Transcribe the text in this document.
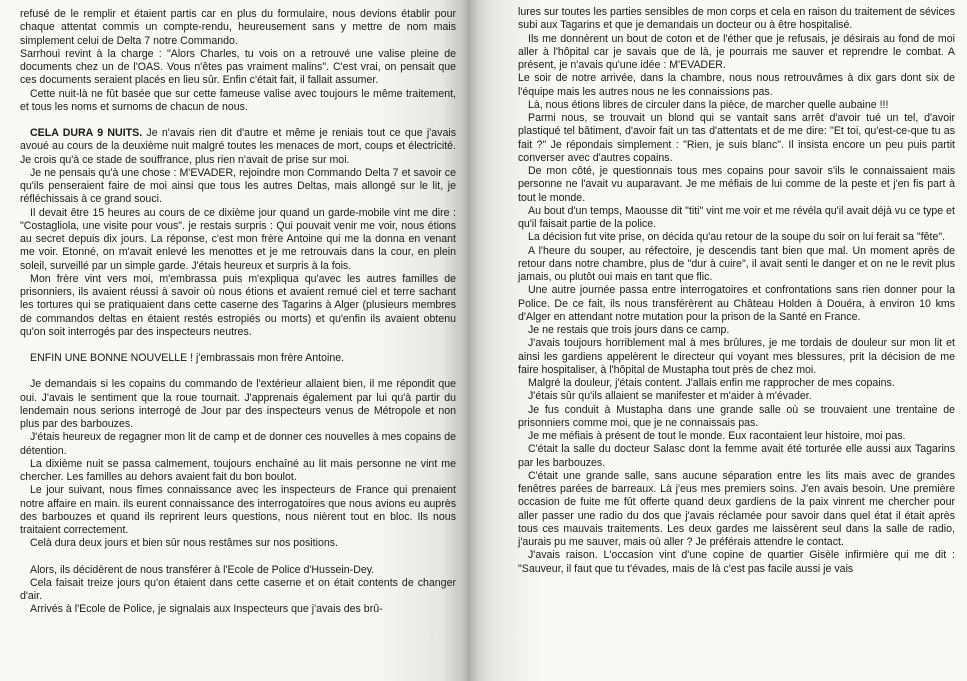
refusé de le remplir et étaient partis car en plus du formulaire, nous devions établir pour chaque attentat commis un compte-rendu, heureusement sans y mettre de nom mais simplement celui de Delta 7 notre Commando.

Sarrhoui revint à la charge : "Alors Charles, tu vois on a retrouvé une valise pleine de documents chez un de l'OAS. Vous n'êtes pas vraiment malins". C'est vrai, on pensait que ces documents seraient placés en lieu sûr. Enfin c'était fait, il fallait assumer.

Cette nuit-là ne fût basée que sur cette fameuse valise avec toujours le même traitement, et tous les noms et surnoms de chacun de nous.

CELA DURA 9 NUITS. Je n'avais rien dit d'autre et même je reniais tout ce que j'avais avoué au cours de la deuxième nuit malgré toutes les menaces de mort, coups et électricité. Je crois qu'à ce stade de souffrance, plus rien n'avait de prise sur moi.

Je ne pensais qu'à une chose : M'EVADER, rejoindre mon Commando Delta 7 et savoir ce qu'ils penseraient faire de moi ainsi que tous les autres Deltas, mais allongé sur le lit, je réfléchissais à ce grand souci.

Il devait être 15 heures au cours de ce dixième jour quand un garde-mobile vint me dire : "Costagliola, une visite pour vous". je restais surpris : Qui pouvait venir me voir, nous étions au secret depuis dix jours. La réponse, c'est mon frère Antoine qui me la donna en venant me voir. Etonné, on m'avait enlevé les menottes et je me retrouvais dans la cour, en plein soleil, surveillé par un simple garde. J'étais heureux et surpris à la fois.

Mon frère vint vers moi, m'embrassa puis m'expliqua qu'avec les autres familles de prisonniers, ils avaient réussi à savoir où nous étions et avaient remué ciel et terre sachant les tortures qui se pratiquaient dans cette caserne des Tagarins à Alger (plusieurs membres de commandos deltas en étaient restés estropiés ou morts) et qu'enfin ils avaient obtenu qu'on soit interrogés par des inspecteurs neutres.

ENFIN UNE BONNE NOUVELLE ! j'embrassais mon frère Antoine.

Je demandais si les copains du commando de l'extérieur allaient bien, il me répondit que oui. J'avais le sentiment que la roue tournait. J'apprenais également par lui qu'à partir du lendemain nous serions interrogé de Jour par des inspecteurs venus de Métropole et non plus par des barbouzes.

J'étais heureux de regagner mon lit de camp et de donner ces nouvelles à mes copains de détention.

La dixième nuit se passa calmement, toujours enchaîné au lit mais personne ne vint me chercher. Les familles au dehors avaient fait du bon boulot.

Le jour suivant, nous fîmes connaissance avec les inspecteurs de France qui prenaient notre affaire en main. ils eurent connaissance des interrogatoires que nous avions eu auprès des barbouzes et quand ils reprirent leurs questions, nous nièrent tout en bloc. Ils nous traitaient correctement.

Celà dura deux jours et bien sûr nous restâmes sur nos positions.

Alors, ils décidèrent de nous transférer à l'Ecole de Police d'Hussein-Dey.

Cela faisait treize jours qu'on étaient dans cette caserne et on était contents de changer d'air.

Arrivés à l'Ecole de Police, je signalais aux Inspecteurs que j'avais des brû-

lures sur toutes les parties sensibles de mon corps et cela en raison du traitement de sévices subi aux Tagarins et que je demandais un docteur ou à être hospitalisé.

Ils me donnèrent un bout de coton et de l'éther que je refusais, je désirais au fond de moi aller à l'hôpital car je savais que de là, je pourrais me sauver et reprendre le combat. A présent, je n'avais qu'une idée : M'EVADER.

Le soir de notre arrivée, dans la chambre, nous nous retrouvâmes à dix gars dont six de l'équipe mais les autres nous ne les connaissions pas.

Là, nous étions libres de circuler dans la pièce, de marcher quelle aubaine !!!

Parmi nous, se trouvait un blond qui se vantait sans arrêt d'avoir tué un tel, d'avoir plastiqué tel bâtiment, d'avoir fait un tas d'attentats et de me dire: "Et toi, qu'est-ce-que tu as fait ?" Je répondais simplement : "Rien, je suis blanc". Il insista encore un peu puis partit converser avec d'autres copains.

De mon côté, je questionnais tous mes copains pour savoir s'ils le connaissaient mais personne ne l'avait vu auparavant. Je me méfiais de lui comme de la peste et j'en fis part à tout le monde.

Au bout d'un temps, Maousse dit "titi" vint me voir et me révéla qu'il avait déjà vu ce type et qu'il faisait partie de la police.

La décision fut vite prise, on décida qu'au retour de la soupe du soir on lui ferait sa "fête".

A l'heure du souper, au réfectoire, je descendis tant bien que mal. Un moment après de retour dans notre chambre, plus de "dur à cuire", il avait senti le danger et on ne le revit plus jamais, ou plutôt oui mais en tant que flic.

Une autre journée passa entre interrogatoires et confrontations sans rien donner pour la Police. De ce fait, ils nous transférèrent au Château Holden à Douéra, à environ 10 kms d'Alger en attendant notre mutation pour la prison de la Santé en France.

Je ne restais que trois jours dans ce camp.

J'avais toujours horriblement mal à mes brûlures, je me tordais de douleur sur mon lit et ainsi les gardiens appelèrent le directeur qui voyant mes blessures, prit la décision de me faire hospitaliser, à l'hôpital de Mustapha tout près de chez moi.

Malgré la douleur, j'étais content. J'allais enfin me rapprocher de mes copains.

J'étais sûr qu'ils allaient se manifester et m'aider à m'évader.

Je fus conduit à Mustapha dans une grande salle où se trouvaient une trentaine de prisonniers comme moi, que je ne connaissais pas.

Je me méfiais à présent de tout le monde. Eux racontaient leur histoire, moi pas.

C'était la salle du docteur Salasc dont la femme avait été torturée elle aussi aux Tagarins par les barbouzes.

C'était une grande salle, sans aucune séparation entre les lits mais avec de grandes fenêtres parées de barreaux. Là j'eus mes premiers soins. J'en avais besoin. Une première occasion de fuite me fût offerte quand deux gardiens de la paix vinrent me chercher pour aller passer une radio du dos que j'avais réclamée pour savoir dans quel état il était après tous ces mauvais traitements. Les deux gardes me laissèrent seul dans la salle de radio, j'aurais pu me sauver, mais où aller ? Je préférais attendre le contact.

J'avais raison. L'occasion vint d'une copine de quartier Gisèle infirmière qui me dit : "Sauveur, il faut que tu t'évades, mais de là c'est pas facile aussi je vais
